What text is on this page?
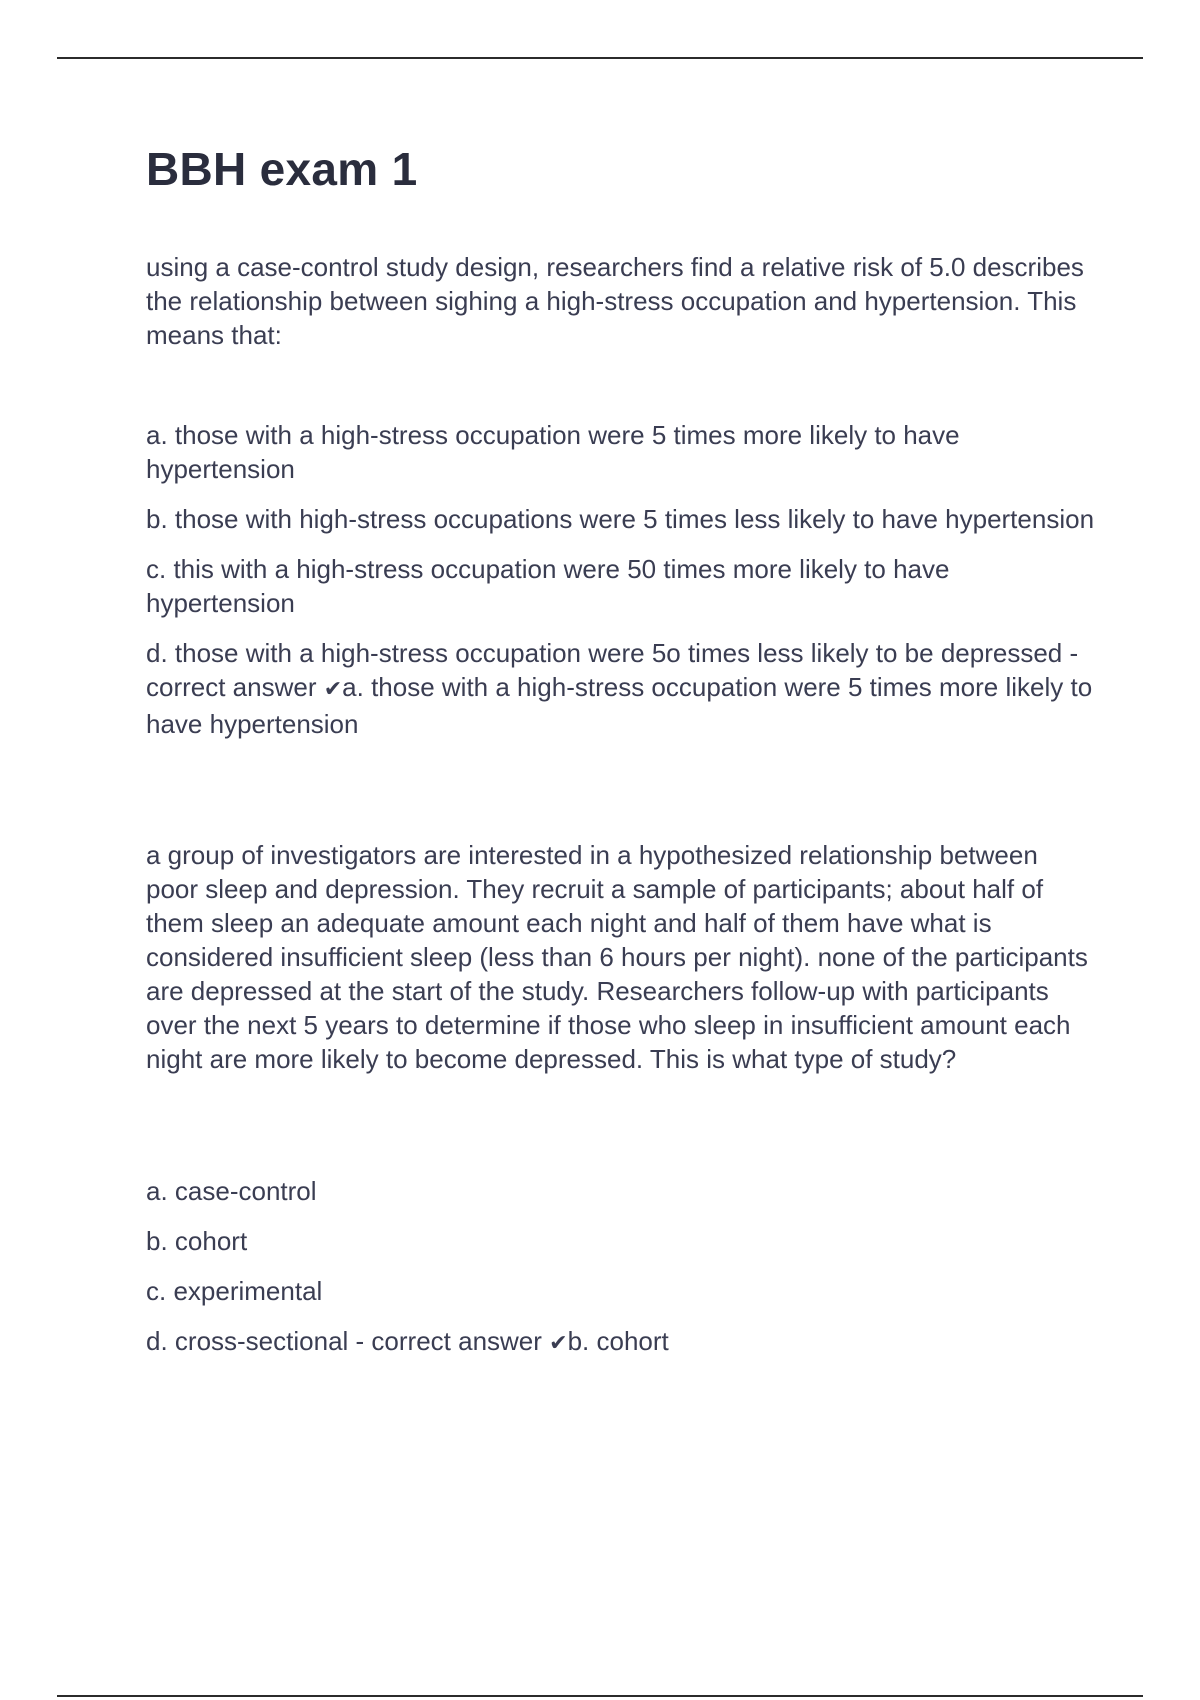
BBH exam 1

using a case-control study design, researchers find a relative risk of 5.0 describes the relationship between sighing a high-stress occupation and hypertension. This means that:

a. those with a high-stress occupation were 5 times more likely to have hypertension

b. those with high-stress occupations were 5 times less likely to have hypertension

c. this with a high-stress occupation were 50 times more likely to have hypertension

d. those with a high-stress occupation were 5o times less likely to be depressed - correct answer ✔a. those with a high-stress occupation were 5 times more likely to have hypertension

a group of investigators are interested in a hypothesized relationship between poor sleep and depression. They recruit a sample of participants; about half of them sleep an adequate amount each night and half of them have what is considered insufficient sleep (less than 6 hours per night). none of the participants are depressed at the start of the study. Researchers follow-up with participants over the next 5 years to determine if those who sleep in insufficient amount each night are more likely to become depressed. This is what type of study?

a. case-control

b. cohort

c. experimental

d. cross-sectional - correct answer ✔b. cohort
